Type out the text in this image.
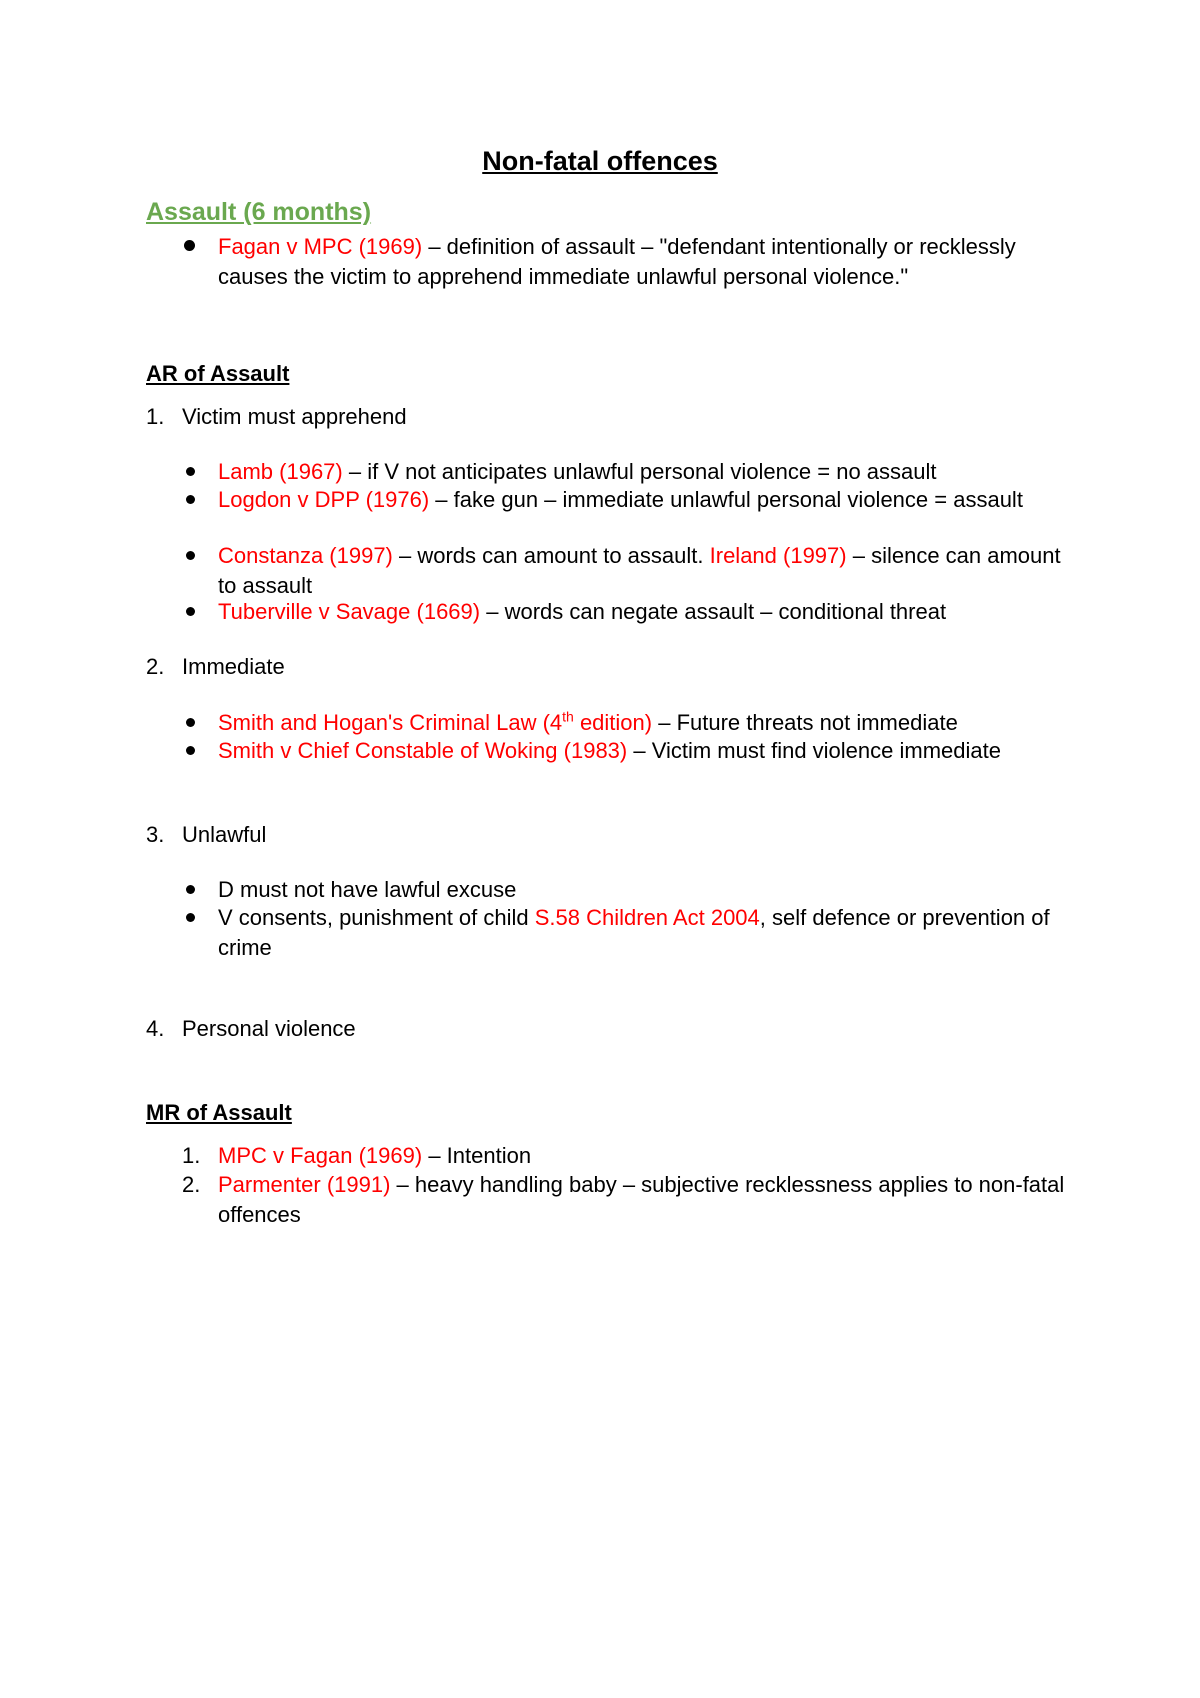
Non-fatal offences
Assault (6 months)
Fagan v MPC (1969) – definition of assault – "defendant intentionally or recklessly causes the victim to apprehend immediate unlawful personal violence."
AR of Assault
1. Victim must apprehend
Lamb (1967) – if V not anticipates unlawful personal violence = no assault
Logdon v DPP (1976) – fake gun – immediate unlawful personal violence = assault
Constanza (1997) – words can amount to assault. Ireland (1997) – silence can amount to assault
Tuberville v Savage (1669) – words can negate assault – conditional threat
2. Immediate
Smith and Hogan's Criminal Law (4th edition) – Future threats not immediate
Smith v Chief Constable of Woking (1983) – Victim must find violence immediate
3. Unlawful
D must not have lawful excuse
V consents, punishment of child S.58 Children Act 2004, self defence or prevention of crime
4. Personal violence
MR of Assault
1. MPC v Fagan (1969) – Intention
2. Parmenter (1991) – heavy handling baby – subjective recklessness applies to non-fatal offences
